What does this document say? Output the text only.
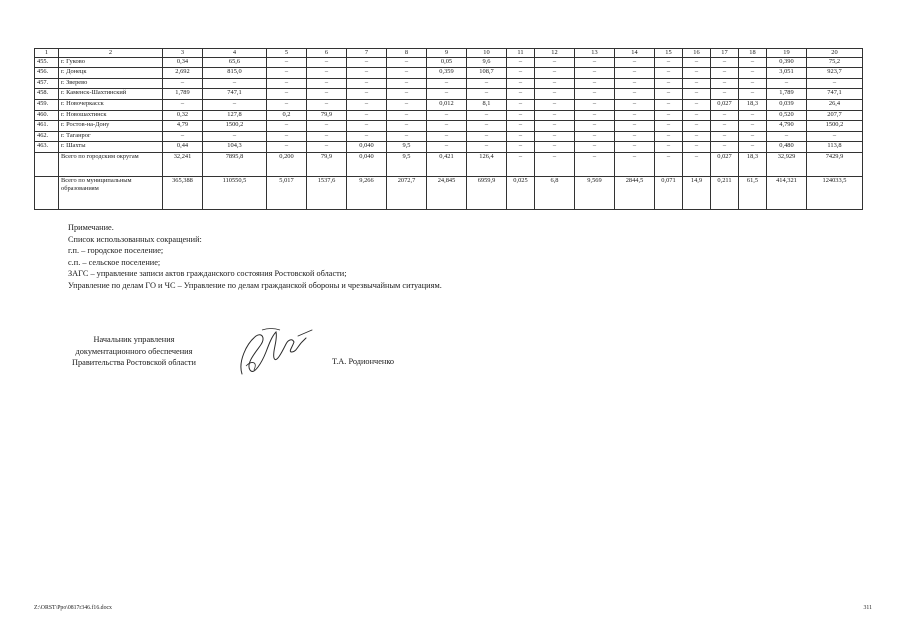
1	2	3	4	5	6	7	8	9	10	11	12	13	14	15	16	17	18	19	20
455.	г. Гуково	0,34	65,6	–	–	–	–	0,05	9,6	–	–	–	–	–	–	–	–	0,390	75,2
456.	г. Донецк	2,692	815,0	–	–	–	–	0,359	108,7	–	–	–	–	–	–	–	–	3,051	923,7
457.	г. Зверево	–	–	–	–	–	–	–	–	–	–	–	–	–	–	–	–	–	–
458.	г. Каменск-Шахтинский	1,789	747,1	–	–	–	–	–	–	–	–	–	–	–	–	–	–	1,789	747,1
459.	г. Новочеркасск	–	–	–	–	–	–	0,012	8,1	–	–	–	–	–	–	0,027	18,3	0,039	26,4
460.	г. Новошахтинск	0,32	127,8	0,2	79,9	–	–	–	–	–	–	–	–	–	–	–	–	0,520	207,7
461.	г. Ростов-на-Дону	4,79	1500,2	–	–	–	–	–	–	–	–	–	–	–	–	–	–	4,790	1500,2
462.	г. Таганрог	–	–	–	–	–	–	–	–	–	–	–	–	–	–	–	–	–	–
463.	г. Шахты	0,44	104,3	–	–	0,040	9,5	–	–	–	–	–	–	–	–	–	–	0,480	113,8
	Всего по городским округам	32,241	7895,8	0,200	79,9	0,040	9,5	0,421	126,4	–	–	–	–	–	–	0,027	18,3	32,929	7429,9
	Всего по муниципальным образованиям	365,388	110550,5	5,017	1537,6	9,266	2072,7	24,845	6959,9	0,025	6,8	9,569	2844,5	0,071	14,9	0,211	61,5	414,321	124033,5
Примечание.
Список использованных сокращений:
г.п. – городское поселение;
с.п. – сельское поселение;
ЗАГС – управление записи актов гражданского состояния Ростовской области;
Управление по делам ГО и ЧС – Управление по делам гражданской обороны и чрезвычайным ситуациям.
Начальник управления
документационного обеспечения
Правительства Ростовской области	Т.А. Родионченко
Z:\ORST\Ppo\0817r346.f16.docx	311
